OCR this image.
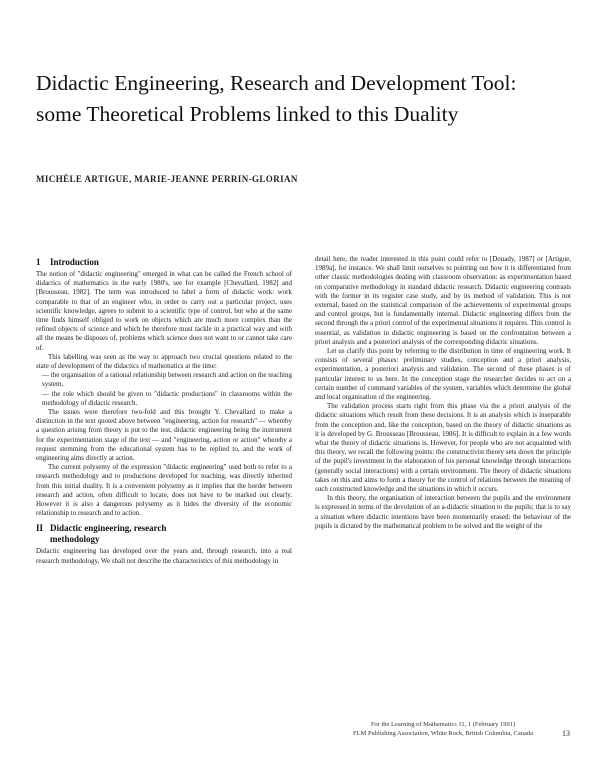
Didactic Engineering, Research and Development Tool: some Theoretical Problems linked to this Duality
MICHÈLE ARTIGUE, MARIE-JEANNE PERRIN-GLORIAN
1 Introduction

The notion of "didactic engineering" emerged in what can be called the French school of didactics of mathematics in the early 1980's, see for example [Chevallard, 1982] and [Brousseau, 1982]. The term was introduced to label a form of didactic work: work comparable to that of an engineer who, in order to carry out a particular project, uses scientific knowledge, agrees to submit to a scientific type of control, but who at the same time finds himself obliged to work on objects which are much more complex than the refined objects of science and which he therefore must tackle in a practical way and with all the means he disposes of, problems which science does not want to or cannot take care of.

This labelling was seen as the way to approach two crucial questions related to the state of development of the didactics of mathematics at the time:

— the organisation of a rational relationship between research and action on the teaching system,

— the role which should be given to "didactic productions" in classrooms within the methodology of didactic research.

The issues were therefore two-fold and this brought Y. Chevallard to make a distinction in the text quoted above between "engineering, action for research" — whereby a question arising from theory is put to the test, didactic engineering being the instrument for the experimentation stage of the text — and "engineering, action or action" whereby a request stemming from the educational system has to be replied to, and the work of engineering aims directly at action.

The current polysemy of the expression "didactic engineering" used both to refer to a research methodology and to productions developed for teaching, was directly inherited from this initial duality. It is a convenient polysemy as it implies that the border between research and action, often difficult to locate, does not have to be marked out clearly. However it is also a dangerous polysemy as it hides the diversity of the economic relationship to research and to action.

II Didactic engineering, research
methodology

Didactic engineering has developed over the years and, through research, into a real research methodology. We shall not describe the characteristics of this methodology in

detail here, the reader interested in this point could refer to [Douady, 1987] or [Artigue, 1989a], for instance. We shall limit ourselves to pointing out how it is differentiated from other classic methodologies dealing with classroom observation: as experimentation based on comparative methodology in standard didactic research. Didactic engineering contrasts with the former in its register case study, and by its method of validation. This is not external, based on the statistical comparison of the achievements of experimental groups and control groups, but is fundamentally internal. Didactic engineering differs from the second through the a priori control of the experimental situations it requires. This control is essential, as validation in didactic engineering is based on the confrontation between a priori analysis and a posteriori analysis of the corresponding didactic situations.

Let us clarify this point by referring to the distribution in time of engineering work. It consists of several phases: preliminary studies, conception and a priori analysis, experimentation, a posteriori analysis and validation. The second of these phases is of particular interest to us here. In the conception stage the researcher decides to act on a certain number of command variables of the system, variables which determine the global and local organisation of the engineering.

The validation process starts right from this phase via the a priori analysis of the didactic situations which result from these decisions. It is an analysis which is inseparable from the conception and, like the conception, based on the theory of didactic situations as it is developed by G. Brousseau [Brousseau, 1986]. It is difficult to explain in a few words what the theory of didactic situations is. However, for people who are not acquainted with this theory, we recall the following points: the constructivist theory sets down the principle of the pupil's investment in the elaboration of his personal knowledge through interactions (generally social interactions) with a certain environment. The theory of didactic situations takes on this and aims to form a theory for the control of relations between the meaning of such constructed knowledge and the situations in which it occurs.

In this theory, the organisation of interaction between the pupils and the environment is expressed in terms of the devolution of an a-didactic situation to the pupils; that is to say a situation where didactic intentions have been momentarily erased: the behaviour of the pupils is dictated by the mathematical problem to be solved and the weight of the

For the Learning of Mathematics 11, 1 (February 1991)
FLM Publishing Association, White Rock, British Columbia, Canada	13
